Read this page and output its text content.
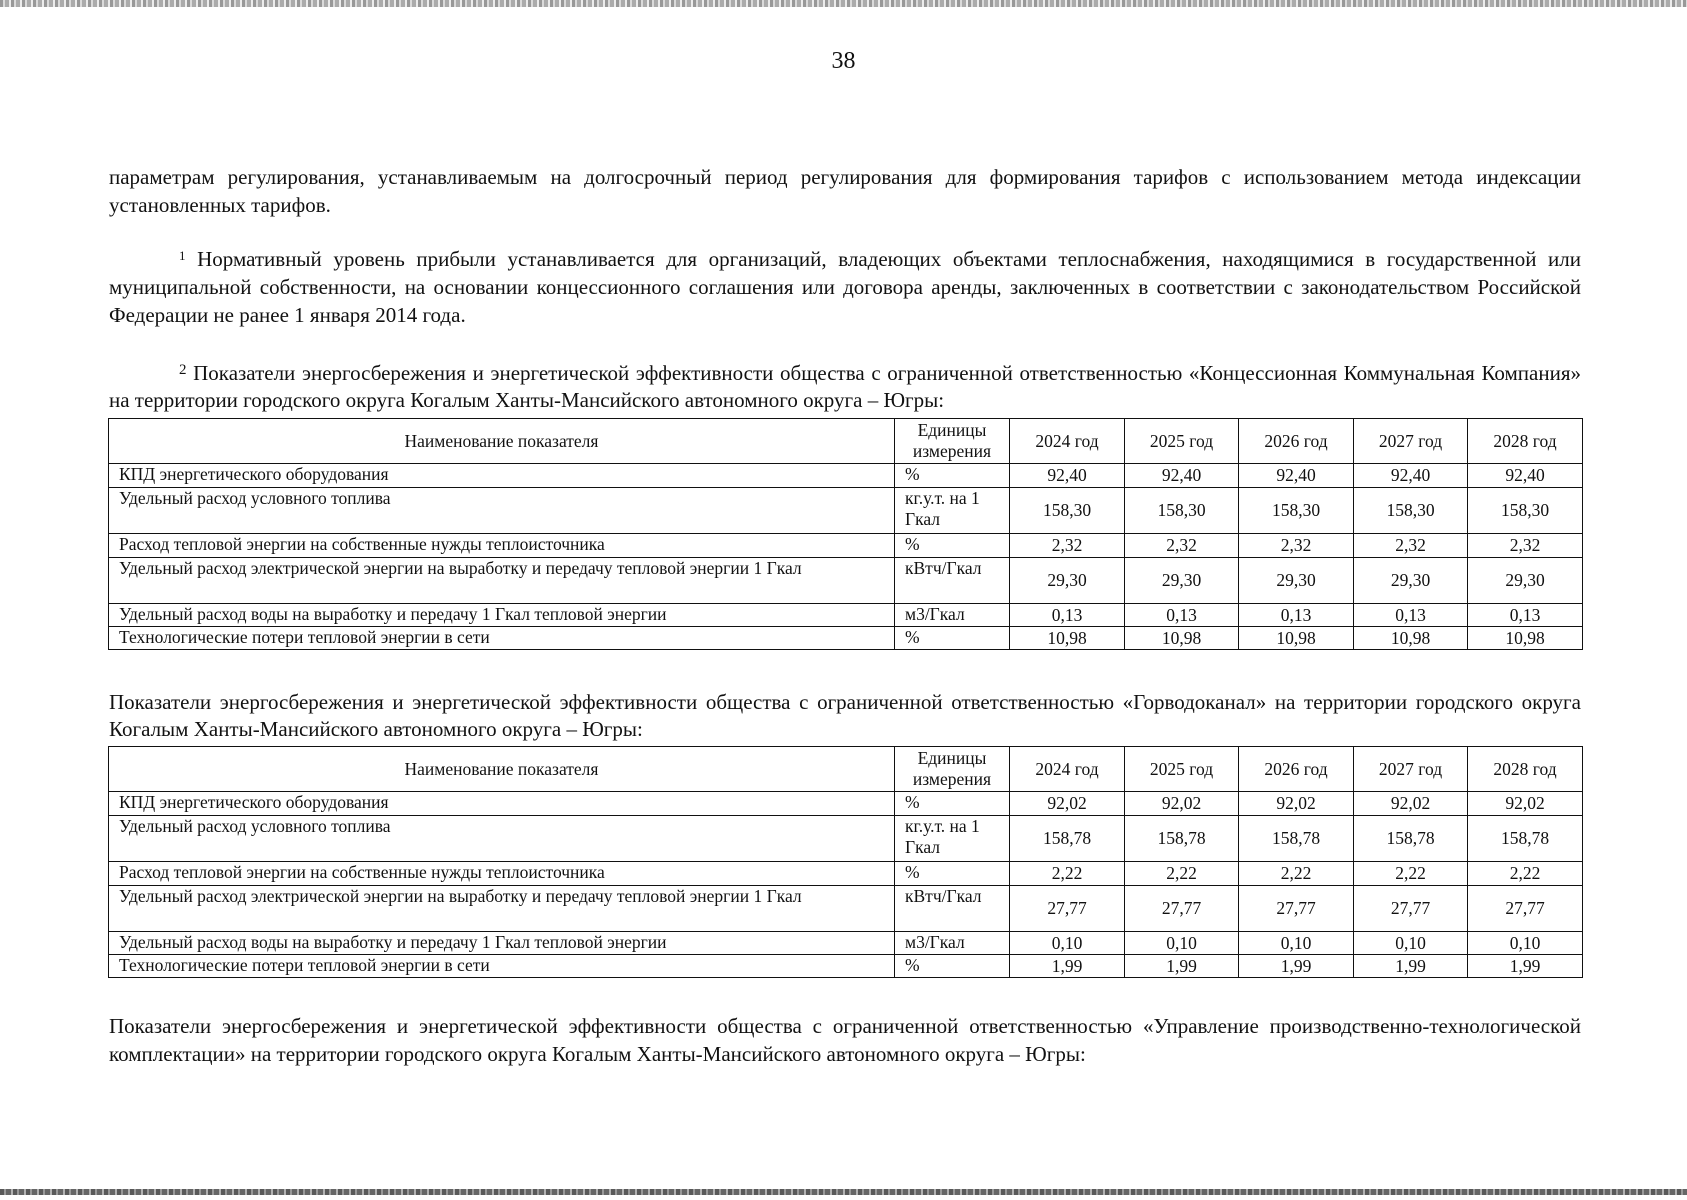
38

параметрам регулирования, устанавливаемым на долгосрочный период регулирования для формирования тарифов с использованием метода индексации установленных тарифов.

$^1$ Нормативный уровень прибыли устанавливается для организаций, владеющих объектами теплоснабжения, находящимися в государственной или муниципальной собственности, на основании концессионного соглашения или договора аренды, заключенных в соответствии с законодательством Российской Федерации не ранее 1 января 2014 года.

$^2$ Показатели энергосбережения и энергетической эффективности общества с ограниченной ответственностью «Концессионная Коммунальная Компания» на территории городского округа Когалым Ханты-Мансийского автономного округа – Югры:

Наименование показателя	Единицы измерения	2024 год	2025 год	2026 год	2027 год	2028 год
КПД энергетического оборудования	%	92,40	92,40	92,40	92,40	92,40
Удельный расход условного топлива	кг.у.т. на 1 Гкал	158,30	158,30	158,30	158,30	158,30
Расход тепловой энергии на собственные нужды теплоисточника	%	2,32	2,32	2,32	2,32	2,32
Удельный расход электрической энергии на выработку и передачу тепловой энергии 1 Гкал	кВтч/Гкал	29,30	29,30	29,30	29,30	29,30
Удельный расход воды на выработку и передачу 1 Гкал тепловой энергии	м3/Гкал	0,13	0,13	0,13	0,13	0,13
Технологические потери тепловой энергии в сети	%	10,98	10,98	10,98	10,98	10,98

Показатели энергосбережения и энергетической эффективности общества с ограниченной ответственностью «Горводоканал» на территории городского округа Когалым Ханты-Мансийского автономного округа – Югры:

Наименование показателя	Единицы измерения	2024 год	2025 год	2026 год	2027 год	2028 год
КПД энергетического оборудования	%	92,02	92,02	92,02	92,02	92,02
Удельный расход условного топлива	кг.у.т. на 1 Гкал	158,78	158,78	158,78	158,78	158,78
Расход тепловой энергии на собственные нужды теплоисточника	%	2,22	2,22	2,22	2,22	2,22
Удельный расход электрической энергии на выработку и передачу тепловой энергии 1 Гкал	кВтч/Гкал	27,77	27,77	27,77	27,77	27,77
Удельный расход воды на выработку и передачу 1 Гкал тепловой энергии	м3/Гкал	0,10	0,10	0,10	0,10	0,10
Технологические потери тепловой энергии в сети	%	1,99	1,99	1,99	1,99	1,99

Показатели энергосбережения и энергетической эффективности общества с ограниченной ответственностью «Управление производственно-технологической комплектации» на территории городского округа Когалым Ханты-Мансийского автономного округа – Югры:
